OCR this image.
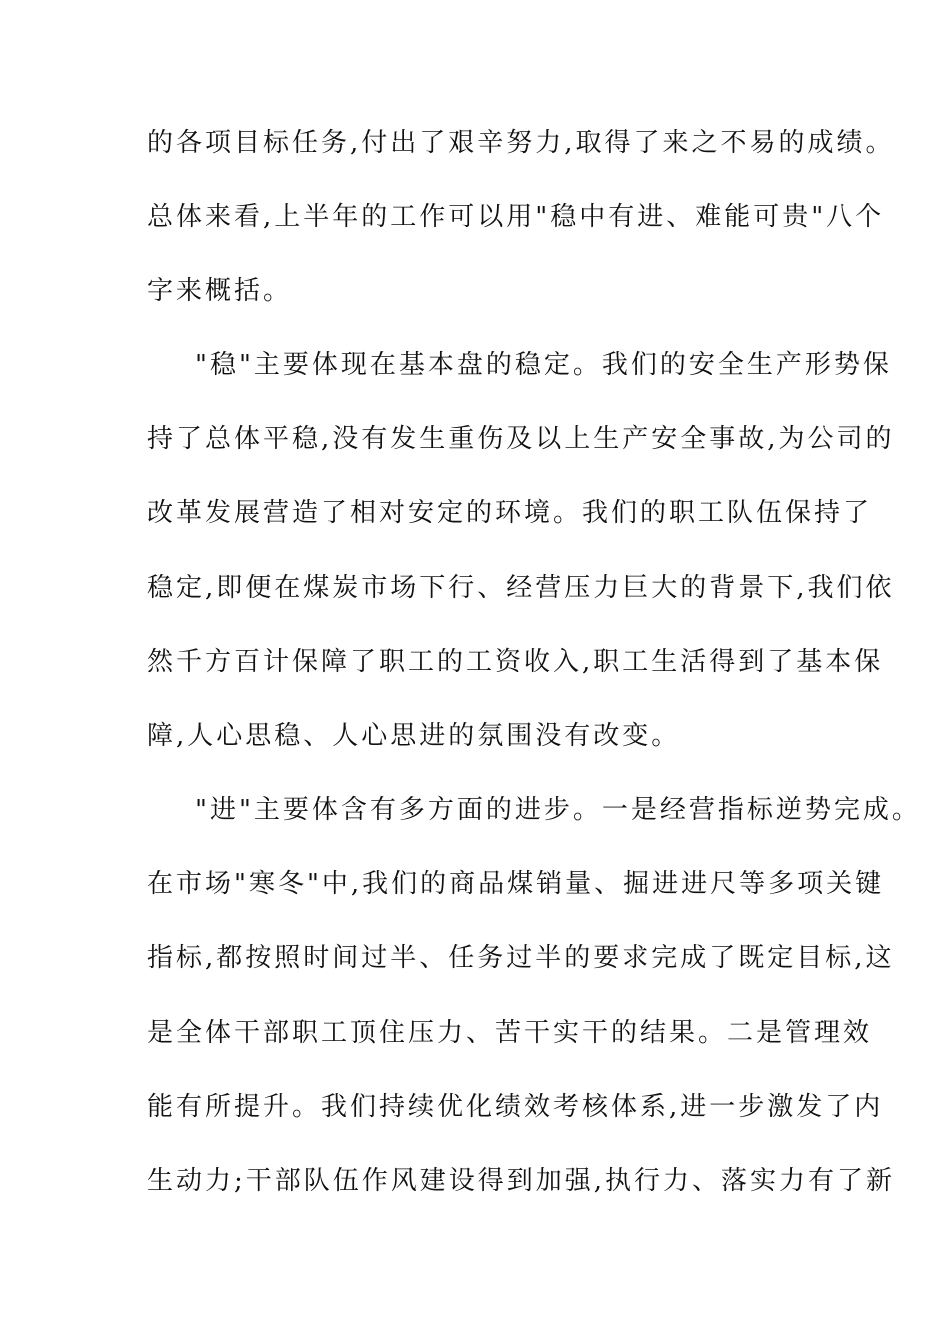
的各项目标任务,付出了艰辛努力,取得了来之不易的成绩。
总体来看,上半年的工作可以用"稳中有进、难能可贵"八个
字来概括。
"稳"主要体现在基本盘的稳定。我们的安全生产形势保
持了总体平稳,没有发生重伤及以上生产安全事故,为公司的
改革发展营造了相对安定的环境。我们的职工队伍保持了
稳定,即便在煤炭市场下行、经营压力巨大的背景下,我们依
然千方百计保障了职工的工资收入,职工生活得到了基本保
障,人心思稳、人心思进的氛围没有改变。
"进"主要体含有多方面的进步。一是经营指标逆势完成。
在市场"寒冬"中,我们的商品煤销量、掘进进尺等多项关键
指标,都按照时间过半、任务过半的要求完成了既定目标,这
是全体干部职工顶住压力、苦干实干的结果。二是管理效
能有所提升。我们持续优化绩效考核体系,进一步激发了内
生动力;干部队伍作风建设得到加强,执行力、落实力有了新
